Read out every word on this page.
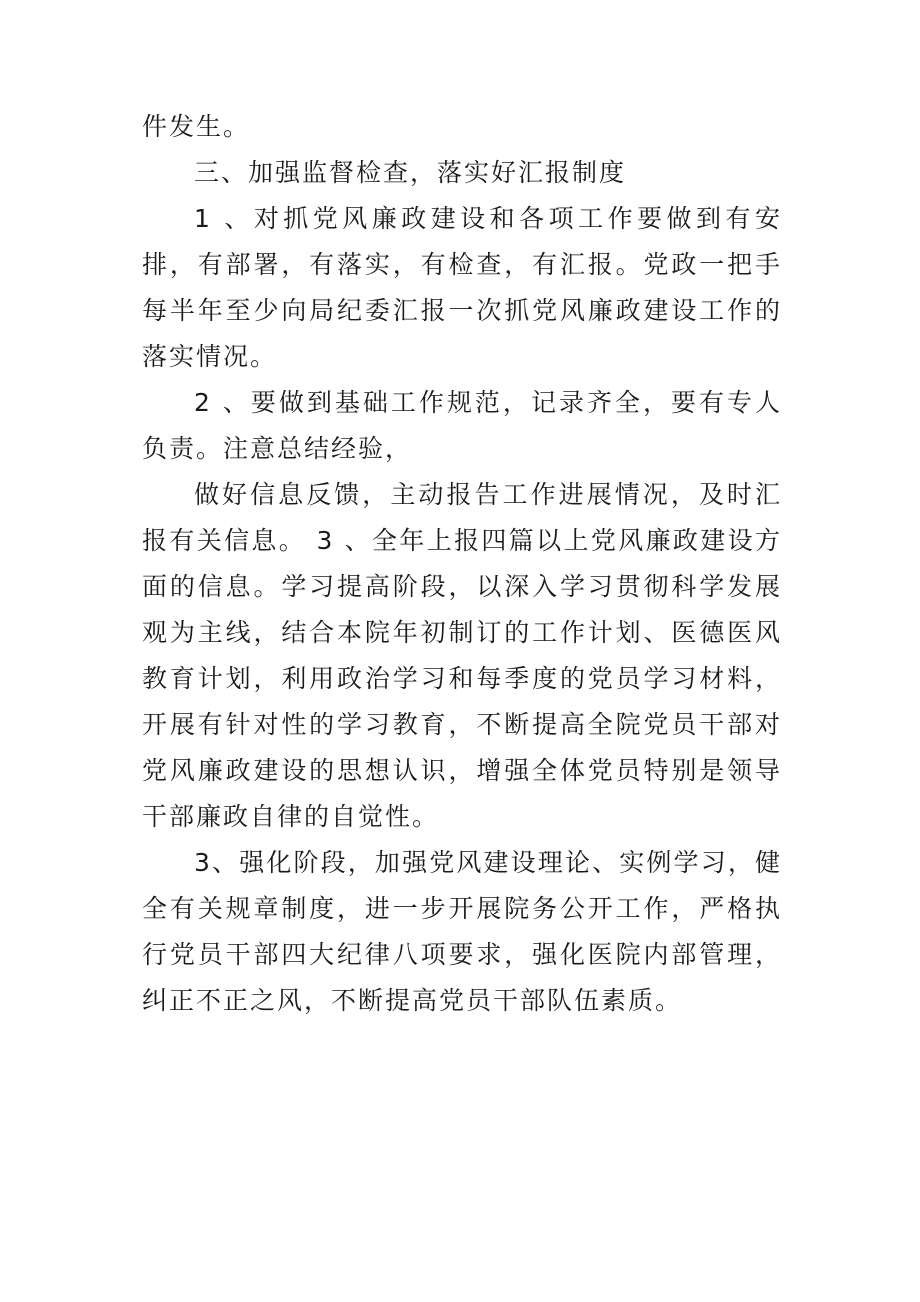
件发生。

三、加强监督检查，落实好汇报制度

1 、对抓党风廉政建设和各项工作要做到有安排，有部署，有落实，有检查，有汇报。党政一把手每半年至少向局纪委汇报一次抓党风廉政建设工作的落实情况。

2 、要做到基础工作规范，记录齐全，要有专人负责。注意总结经验，

做好信息反馈，主动报告工作进展情况，及时汇报有关信息。 3 、全年上报四篇以上党风廉政建设方面的信息。学习提高阶段，以深入学习贯彻科学发展观为主线，结合本院年初制订的工作计划、医德医风教育计划，利用政治学习和每季度的党员学习材料，开展有针对性的学习教育，不断提高全院党员干部对党风廉政建设的思想认识，增强全体党员特别是领导干部廉政自律的自觉性。

3、强化阶段，加强党风建设理论、实例学习，健全有关规章制度，进一步开展院务公开工作，严格执行党员干部四大纪律八项要求，强化医院内部管理，纠正不正之风，不断提高党员干部队伍素质。
